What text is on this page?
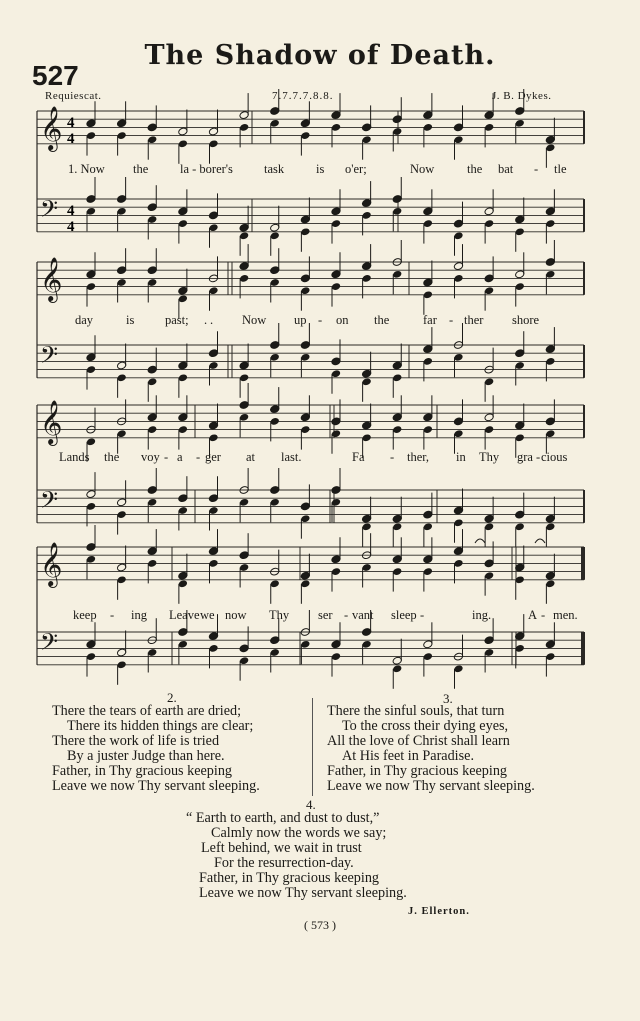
The Shadow of Death.
527
Requiescat.	7.7.7.7.8.8.	J. B. Dykes.
𝄞 4
4
𝄢 4
4
𝄞
𝄢
𝄞
𝄢
𝄞
𝄢
1. Now the	la - borer's task	is o'er;	Now	the bat - tle
day	is past; . . Now up - on the	far - ther shore
Lands the voy - a - ger at last.	Fa - ther, in Thy gra - cious
keep - ing Leave we now Thy ser - vant sleep -	ing.	A - men.
2.
There the tears of earth are dried;
There its hidden things are clear;
There the work of life is tried
By a juster Judge than here.
Father, in Thy gracious keeping
Leave we now Thy servant sleeping.
3.
There the sinful souls, that turn
To the cross their dying eyes,
All the love of Christ shall learn
At His feet in Paradise.
Father, in Thy gracious keeping
Leave we now Thy servant sleeping.
4.
“ Earth to earth, and dust to dust,”
Calmly now the words we say;
Left behind, we wait in trust
For the resurrection-day.
Father, in Thy gracious keeping
Leave we now Thy servant sleeping.
J. Ellerton.
( 573 )
